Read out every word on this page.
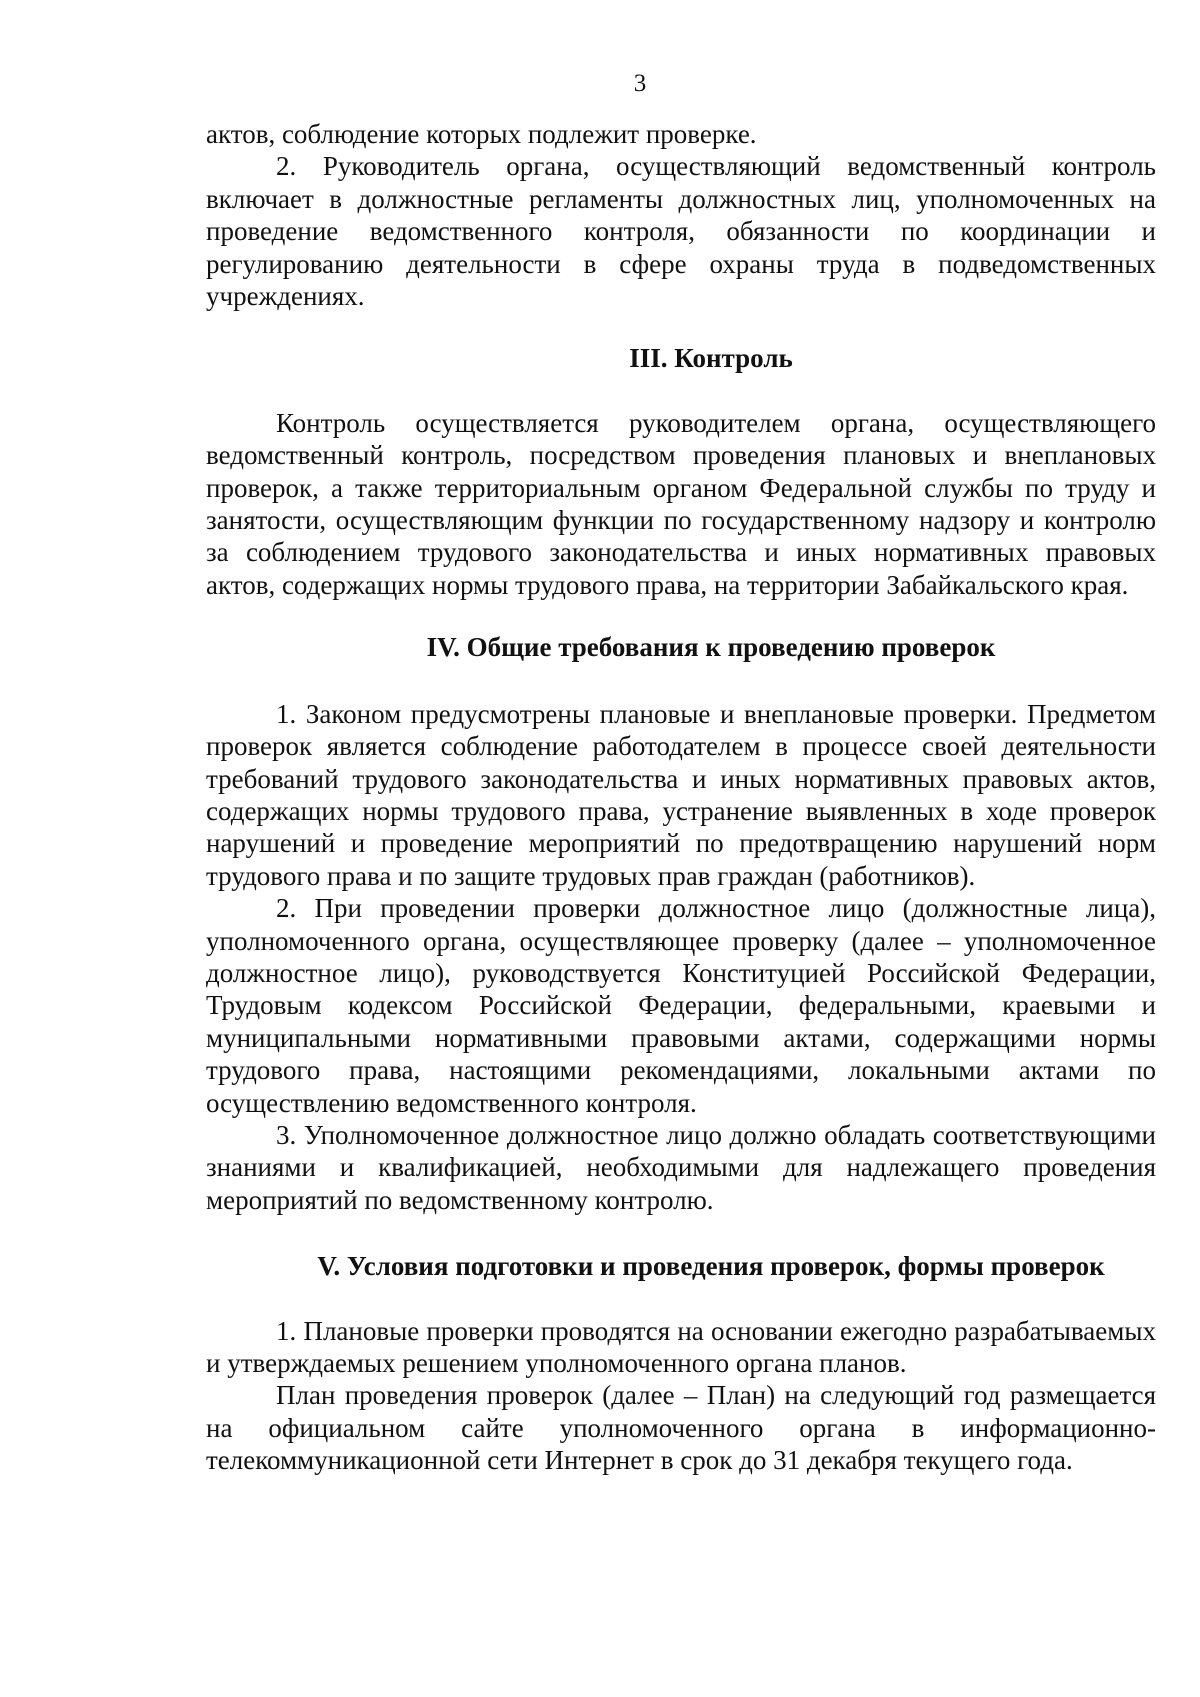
3

актов, соблюдение которых подлежит проверке.

2. Руководитель органа, осуществляющий ведомственный контроль включает в должностные регламенты должностных лиц, уполномоченных на проведение ведомственного контроля, обязанности по координации и регулированию деятельности в сфере охраны труда в подведомственных учреждениях.

III. Контроль

Контроль осуществляется руководителем органа, осуществляющего ведомственный контроль, посредством проведения плановых и внеплановых проверок, а также территориальным органом Федеральной службы по труду и занятости, осуществляющим функции по государственному надзору и контролю за соблюдением трудового законодательства и иных нормативных правовых актов, содержащих нормы трудового права, на территории Забайкальского края.

IV. Общие требования к проведению проверок

1. Законом предусмотрены плановые и внеплановые проверки. Предметом проверок является соблюдение работодателем в процессе своей деятельности требований трудового законодательства и иных нормативных правовых актов, содержащих нормы трудового права, устранение выявленных в ходе проверок нарушений и проведение мероприятий по предотвращению нарушений норм трудового права и по защите трудовых прав граждан (работников).

2. При проведении проверки должностное лицо (должностные лица), уполномоченного органа, осуществляющее проверку (далее – уполномоченное должностное лицо), руководствуется Конституцией Российской Федерации, Трудовым кодексом Российской Федерации, федеральными, краевыми и муниципальными нормативными правовыми актами, содержащими нормы трудового права, настоящими рекомендациями, локальными актами по осуществлению ведомственного контроля.

3. Уполномоченное должностное лицо должно обладать соответствующими знаниями и квалификацией, необходимыми для надлежащего проведения мероприятий по ведомственному контролю.

V. Условия подготовки и проведения проверок, формы проверок

1. Плановые проверки проводятся на основании ежегодно разрабатываемых и утверждаемых решением уполномоченного органа планов.

План проведения проверок (далее – План) на следующий год размещается на официальном сайте уполномоченного органа в информационно-телекоммуникационной сети Интернет в срок до 31 декабря текущего года.
